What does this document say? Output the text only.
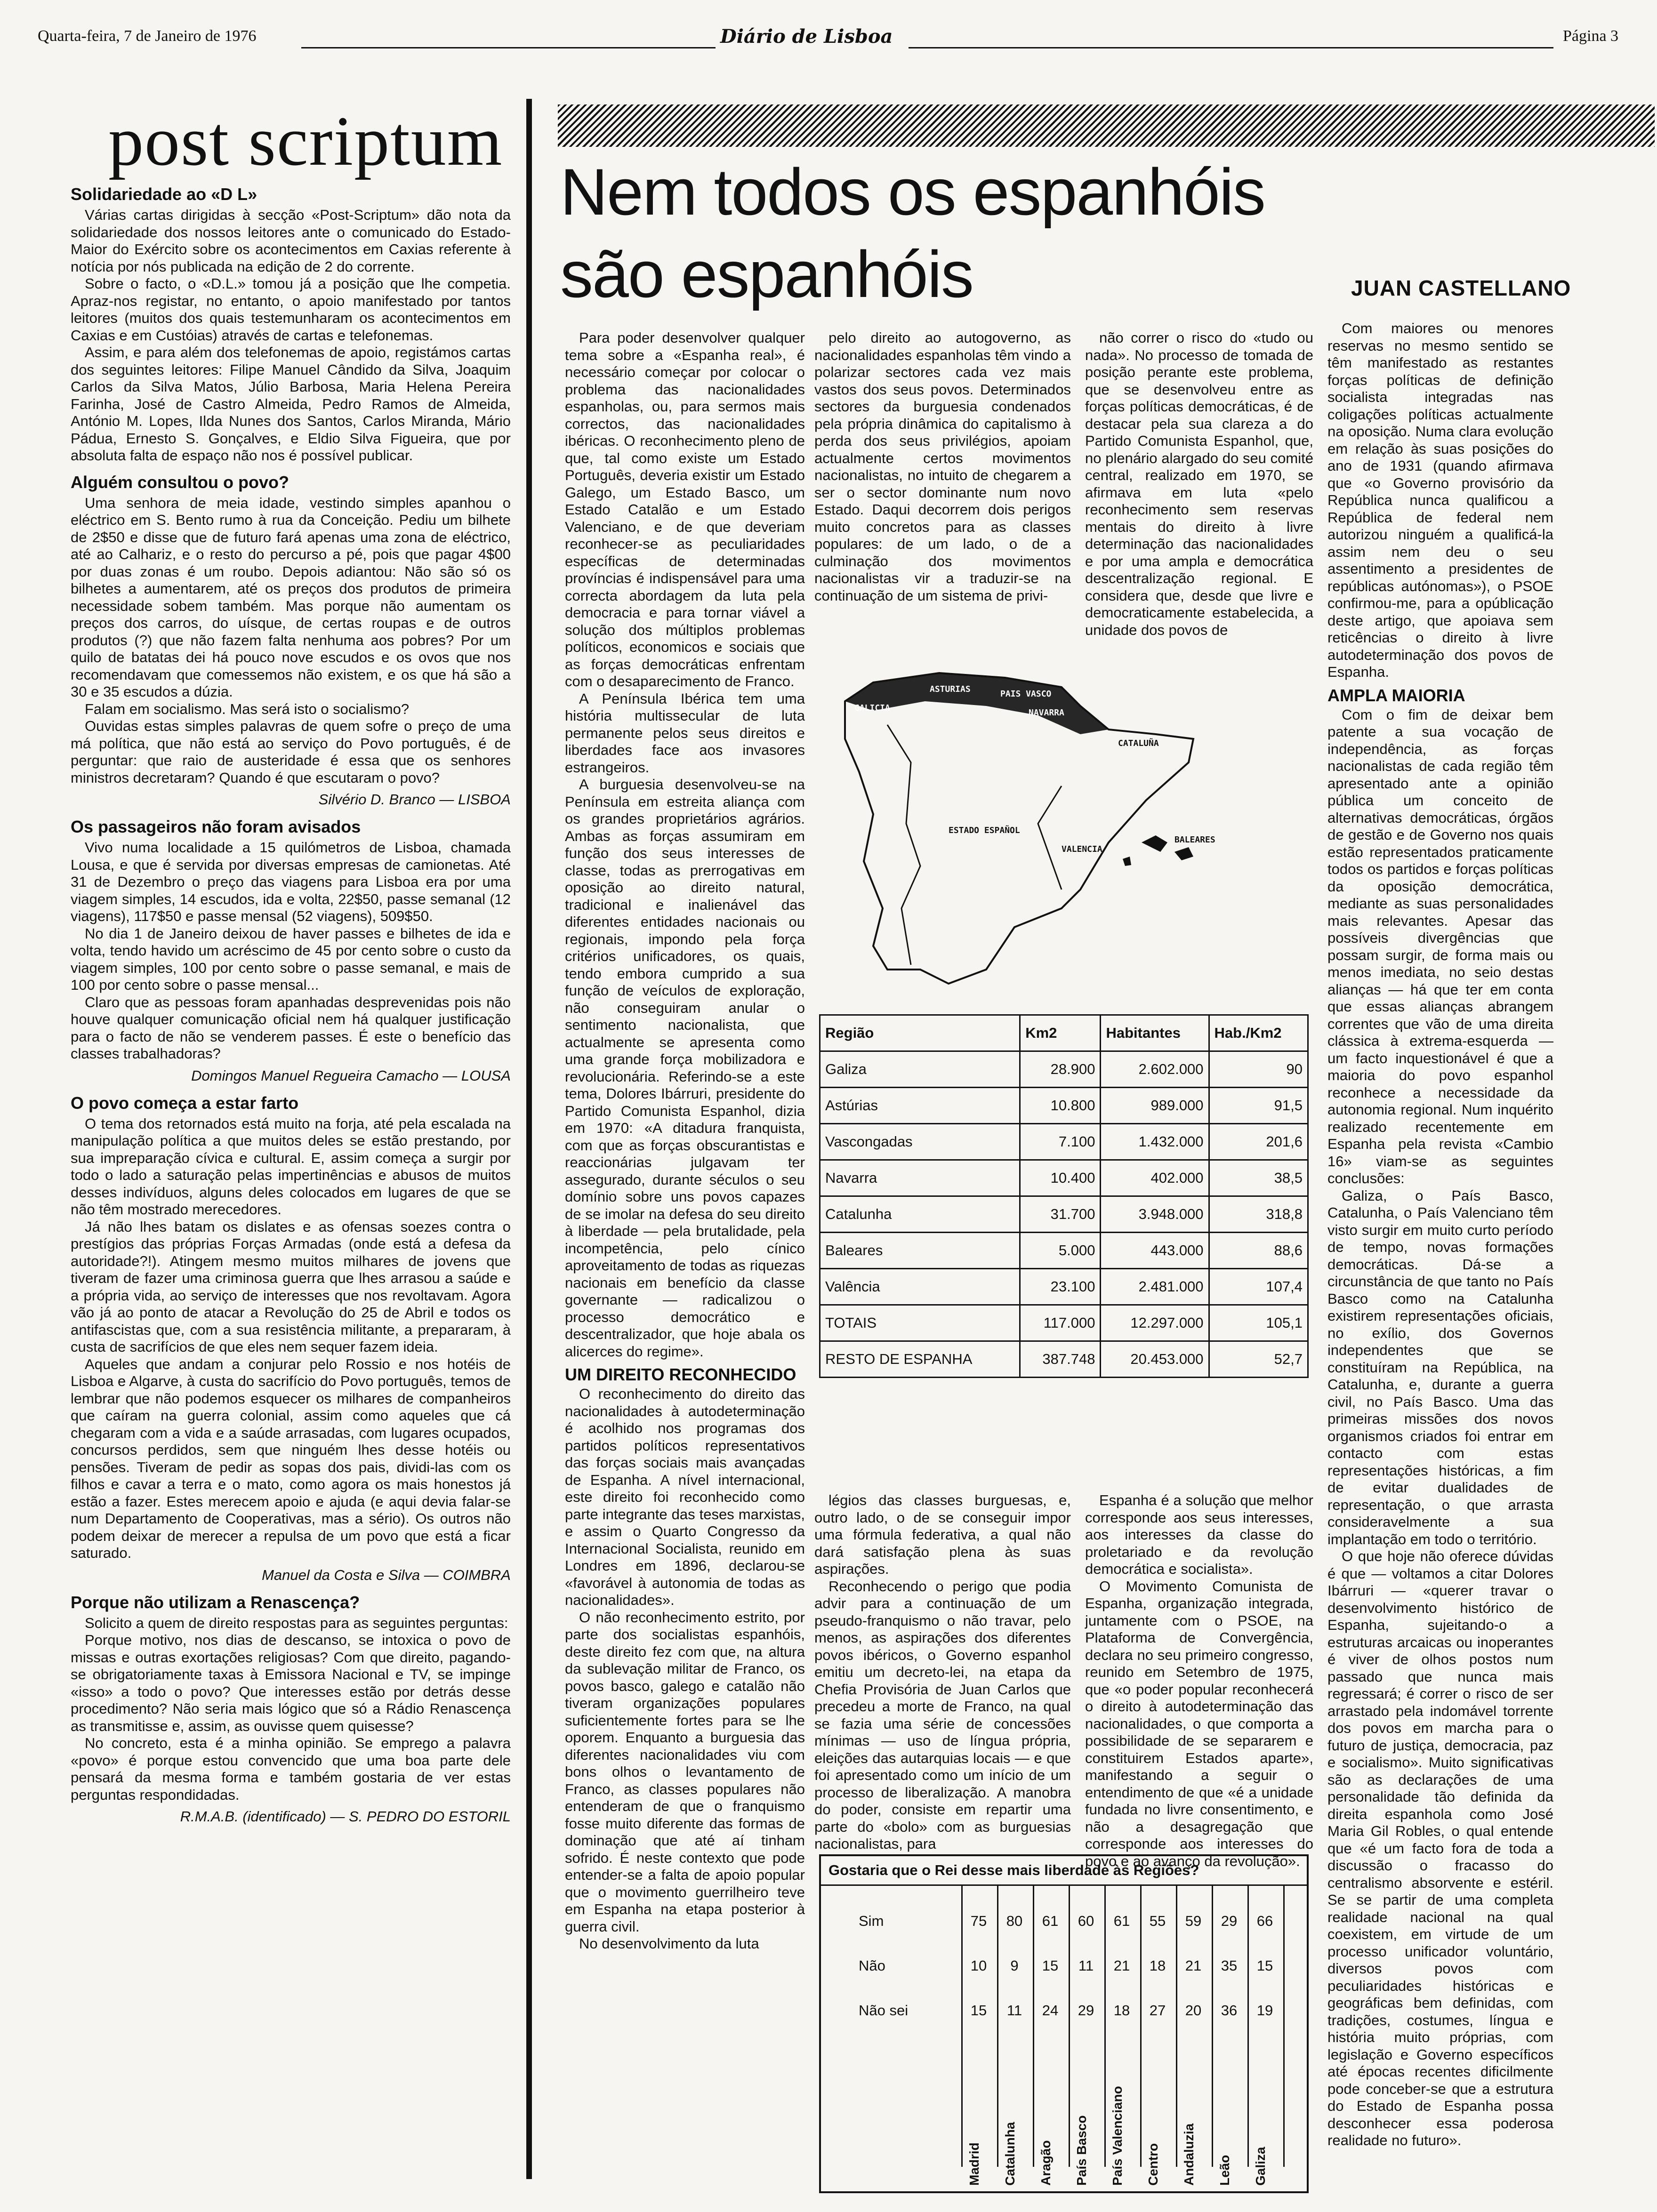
Quarta-feira, 7 de Janeiro de 1976	Diário de Lisboa	Página 3
post scriptum
Solidariedade ao «D L»

Várias cartas dirigidas à secção «Post-Scriptum» dão nota da solidariedade dos nossos leitores ante o comunicado do Estado-Maior do Exército sobre os acontecimentos em Caxias referente à notícia por nós publicada na edição de 2 do corrente.

Sobre o facto, o «D.L.» tomou já a posição que lhe competia. Apraz-nos registar, no entanto, o apoio manifestado por tantos leitores (muitos dos quais testemunharam os acontecimentos em Caxias e em Custóias) através de cartas e telefonemas.

Assim, e para além dos telefonemas de apoio, registámos cartas dos seguintes leitores: Filipe Manuel Cândido da Silva, Joaquim Carlos da Silva Matos, Júlio Barbosa, Maria Helena Pereira Farinha, José de Castro Almeida, Pedro Ramos de Almeida, António M. Lopes, Ilda Nunes dos Santos, Carlos Miranda, Mário Pádua, Ernesto S. Gonçalves, e Eldio Silva Figueira, que por absoluta falta de espaço não nos é possível publicar.

Alguém consultou o povo?

Uma senhora de meia idade, vestindo simples apanhou o eléctrico em S. Bento rumo à rua da Conceição. Pediu um bilhete de 2$50 e disse que de futuro fará apenas uma zona de eléctrico, até ao Calhariz, e o resto do percurso a pé, pois que pagar 4$00 por duas zonas é um roubo. Depois adiantou: Não são só os bilhetes a aumentarem, até os preços dos produtos de primeira necessidade sobem também. Mas porque não aumentam os preços dos carros, do uísque, de certas roupas e de outros produtos (?) que não fazem falta nenhuma aos pobres? Por um quilo de batatas dei há pouco nove escudos e os ovos que nos recomendavam que comessemos não existem, e os que há são a 30 e 35 escudos a dúzia.

Falam em socialismo. Mas será isto o socialismo?

Ouvidas estas simples palavras de quem sofre o preço de uma má política, que não está ao serviço do Povo português, é de perguntar: que raio de austeridade é essa que os senhores ministros decretaram? Quando é que escutaram o povo?

Silvério D. Branco — LISBOA
Os passageiros não foram avisados

Vivo numa localidade a 15 quilómetros de Lisboa, chamada Lousa, e que é servida por diversas empresas de camionetas. Até 31 de Dezembro o preço das viagens para Lisboa era por uma viagem simples, 14 escudos, ida e volta, 22$50, passe semanal (12 viagens), 117$50 e passe mensal (52 viagens), 509$50.

No dia 1 de Janeiro deixou de haver passes e bilhetes de ida e volta, tendo havido um acréscimo de 45 por cento sobre o custo da viagem simples, 100 por cento sobre o passe semanal, e mais de 100 por cento sobre o passe mensal...

Claro que as pessoas foram apanhadas desprevenidas pois não houve qualquer comunicação oficial nem há qualquer justificação para o facto de não se venderem passes. É este o benefício das classes trabalhadoras?

Domingos Manuel Regueira Camacho — LOUSA
O povo começa a estar farto

O tema dos retornados está muito na forja, até pela escalada na manipulação política a que muitos deles se estão prestando, por sua impreparação cívica e cultural. E, assim começa a surgir por todo o lado a saturação pelas impertinências e abusos de muitos desses indivíduos, alguns deles colocados em lugares de que se não têm mostrado merecedores.

Já não lhes batam os dislates e as ofensas soezes contra o prestígios das próprias Forças Armadas (onde está a defesa da autoridade?!). Atingem mesmo muitos milhares de jovens que tiveram de fazer uma criminosa guerra que lhes arrasou a saúde e a própria vida, ao serviço de interesses que nos revoltavam. Agora vão já ao ponto de atacar a Revolução do 25 de Abril e todos os antifascistas que, com a sua resistência militante, a prepararam, à custa de sacrifícios de que eles nem sequer fazem ideia.

Aqueles que andam a conjurar pelo Rossio e nos hotéis de Lisboa e Algarve, à custa do sacrifício do Povo português, temos de lembrar que não podemos esquecer os milhares de companheiros que caíram na guerra colonial, assim como aqueles que cá chegaram com a vida e a saúde arrasadas, com lugares ocupados, concursos perdidos, sem que ninguém lhes desse hotéis ou pensões. Tiveram de pedir as sopas dos pais, dividi-las com os filhos e cavar a terra e o mato, como agora os mais honestos já estão a fazer. Estes merecem apoio e ajuda (e aqui devia falar-se num Departamento de Cooperativas, mas a sério). Os outros não podem deixar de merecer a repulsa de um povo que está a ficar saturado.

Manuel da Costa e Silva — COIMBRA
Porque não utilizam a Renascença?

Solicito a quem de direito respostas para as seguintes perguntas:

Porque motivo, nos dias de descanso, se intoxica o povo de missas e outras exortações religiosas? Com que direito, pagando-se obrigatoriamente taxas à Emissora Nacional e TV, se impinge «isso» a todo o povo? Que interesses estão por detrás desse procedimento? Não seria mais lógico que só a Rádio Renascença as transmitisse e, assim, as ouvisse quem quisesse?

No concreto, esta é a minha opinião. Se emprego a palavra «povo» é porque estou convencido que uma boa parte dele pensará da mesma forma e também gostaria de ver estas perguntas respondidadas.

R.M.A.B. (identificado) — S. PEDRO DO ESTORIL
Nem todos os espanhóis são espanhóis	JUAN CASTELLANO

Para poder desenvolver qualquer tema sobre a «Espanha real», é necessário começar por colocar o problema das nacionalidades espanholas, ou, para sermos mais correctos, das nacionalidades ibéricas. O reconhecimento pleno de que, tal como existe um Estado Português, deveria existir um Estado Galego, um Estado Basco, um Estado Catalão e um Estado Valenciano, e de que deveriam reconhecer-se as peculiaridades específicas de determinadas províncias é indispensável para uma correcta abordagem da luta pela democracia e para tornar viável a solução dos múltiplos problemas políticos, economicos e sociais que as forças democráticas enfrentam com o desaparecimento de Franco.

A Península Ibérica tem uma história multissecular de luta permanente pelos seus direitos e liberdades face aos invasores estrangeiros.

A burguesia desenvolveu-se na Península em estreita aliança com os grandes proprietários agrários. Ambas as forças assumiram em função dos seus interesses de classe, todas as prerrogativas em oposição ao direito natural, tradicional e inalienável das diferentes entidades nacionais ou regionais, impondo pela força critérios unificadores, os quais, tendo embora cumprido a sua função de veículos de exploração, não conseguiram anular o sentimento nacionalista, que actualmente se apresenta como uma grande força mobilizadora e revolucionária. Referindo-se a este tema, Dolores Ibárruri, presidente do Partido Comunista Espanhol, dizia em 1970: «A ditadura franquista, com que as forças obscurantistas e reaccionárias julgavam ter assegurado, durante séculos o seu domínio sobre uns povos capazes de se imolar na defesa do seu direito à liberdade — pela brutalidade, pela incompetência, pelo cínico aproveitamento de todas as riquezas nacionais em benefício da classe governante — radicalizou o processo democrático e descentralizador, que hoje abala os alicerces do regime».

UM DIREITO RECONHECIDO

O reconhecimento do direito das nacionalidades à autodeterminação é acolhido nos programas dos partidos políticos representativos das forças sociais mais avançadas de Espanha. A nível internacional, este direito foi reconhecido como parte integrante das teses marxistas, e assim o Quarto Congresso da Internacional Socialista, reunido em Londres em 1896, declarou-se «favorável à autonomia de todas as nacionalidades».

O não reconhecimento estrito, por parte dos socialistas espanhóis, deste direito fez com que, na altura da sublevação militar de Franco, os povos basco, galego e catalão não tiveram organizações populares suficientemente fortes para se lhe oporem. Enquanto a burguesia das diferentes nacionalidades viu com bons olhos o levantamento de Franco, as classes populares não entenderam de que o franquismo fosse muito diferente das formas de dominação que até aí tinham sofrido. É neste contexto que pode entender-se a falta de apoio popular que o movimento guerrilheiro teve em Espanha na etapa posterior à guerra civil.

No desenvolvimento da luta

pelo direito ao autogoverno, as nacionalidades espanholas têm vindo a polarizar sectores cada vez mais vastos dos seus povos. Determinados sectores da burguesia condenados pela própria dinâmica do capitalismo à perda dos seus privilégios, apoiam actualmente certos movimentos nacionalistas, no intuito de chegarem a ser o sector dominante num novo Estado. Daqui decorrem dois perigos muito concretos para as classes populares: de um lado, o de a culminação dos movimentos nacionalistas vir a traduzir-se na continuação de um sistema de privi-

não correr o risco do «tudo ou nada». No processo de tomada de posição perante este problema, que se desenvolveu entre as forças políticas democráticas, é de destacar pela sua clareza a do Partido Comunista Espanhol, que, no plenário alargado do seu comité central, realizado em 1970, se afirmava em luta «pelo reconhecimento sem reservas mentais do direito à livre determinação das nacionalidades e por uma ampla e democrática descentralização regional. E considera que, desde que livre e democraticamente estabelecida, a unidade dos povos de

légios das classes burguesas, e, outro lado, o de se conseguir impor uma fórmula federativa, a qual não dará satisfação plena às suas aspirações.

Reconhecendo o perigo que podia advir para a continuação de um pseudo-franquismo o não travar, pelo menos, as aspirações dos diferentes povos ibéricos, o Governo espanhol emitiu um decreto-lei, na etapa da Chefia Provisória de Juan Carlos que precedeu a morte de Franco, na qual se fazia uma série de concessões mínimas — uso de língua própria, eleições das autarquias locais — e que foi apresentado como um início de um processo de liberalização. A manobra do poder, consiste em repartir uma parte do «bolo» com as burguesias nacionalistas, para

Espanha é a solução que melhor corresponde aos seus interesses, aos interesses da classe do proletariado e da revolução democrática e socialista».

O Movimento Comunista de Espanha, organização integrada, juntamente com o PSOE, na Plataforma de Convergência, declara no seu primeiro congresso, reunido em Setembro de 1975, que «o poder popular reconhecerá o direito à autodeterminação das nacionalidades, o que comporta a possibilidade de se separarem e constituirem Estados aparte», manifestando a seguir o entendimento de que «é a unidade fundada no livre consentimento, e não a desagregação que corresponde aos interesses do povo e ao avanço da revolução».

Com maiores ou menores reservas no mesmo sentido se têm manifestado as restantes forças políticas de definição socialista integradas nas coligações políticas actualmente na oposição. Numa clara evolução em relação às suas posições do ano de 1931 (quando afirmava que «o Governo provisório da República nunca qualificou a República de federal nem autorizou ninguém a qualificá-la assim nem deu o seu assentimento a presidentes de repúblicas autónomas»), o PSOE confirmou-me, para a opúblicação deste artigo, que apoiava sem reticências o direito à livre autodeterminação dos povos de Espanha.

AMPLA MAIORIA

Com o fim de deixar bem patente a sua vocação de independência, as forças nacionalistas de cada região têm apresentado ante a opinião pública um conceito de alternativas democráticas, órgãos de gestão e de Governo nos quais estão representados praticamente todos os partidos e forças políticas da oposição democrática, mediante as suas personalidades mais relevantes. Apesar das possíveis divergências que possam surgir, de forma mais ou menos imediata, no seio destas alianças — há que ter em conta que essas alianças abrangem correntes que vão de uma direita clássica à extrema-esquerda — um facto inquestionável é que a maioria do povo espanhol reconhece a necessidade da autonomia regional. Num inquérito realizado recentemente em Espanha pela revista «Cambio 16» viam-se as seguintes conclusões:

Galiza, o País Basco, Catalunha, o País Valenciano têm visto surgir em muito curto período de tempo, novas formações democráticas. Dá-se a circunstância de que tanto no País Basco como na Catalunha existirem representações oficiais, no exílio, dos Governos independentes que se constituíram na República, na Catalunha, e, durante a guerra civil, no País Basco. Uma das primeiras missões dos novos organismos criados foi entrar em contacto com estas representações históricas, a fim de evitar dualidades de representação, o que arrasta consideravelmente a sua implantação em todo o território.

O que hoje não oferece dúvidas é que — voltamos a citar Dolores Ibárruri — «querer travar o desenvolvimento histórico de Espanha, sujeitando-o a estruturas arcaicas ou inoperantes é viver de olhos postos num passado que nunca mais regressará; é correr o risco de ser arrastado pela indomável torrente dos povos em marcha para o futuro de justiça, democracia, paz e socialismo». Muito significativas são as declarações de uma personalidade tão definida da direita espanhola como José Maria Gil Robles, o qual entende que «é um facto fora de toda a discussão o fracasso do centralismo absorvente e estéril. Se se partir de uma completa realidade nacional na qual coexistem, em virtude de um processo unificador voluntário, diversos povos com peculiaridades históricas e geográficas bem definidas, com tradições, costumes, língua e história muito próprias, com legislação e Governo específicos até épocas recentes dificilmente pode conceber-se que a estrutura do Estado de Espanha possa desconhecer essa poderosa realidade no futuro».

GALICIA
ASTURIAS	PAIS VASCO
NAVARRA
CATALUÑA
ESTADO ESPAÑOL
VALENCIA
BALEARES
Região	Km2	Habitantes	Hab./Km2
Galiza	28.900	2.602.000	90
Astúrias	10.800	989.000	91,5
Vascongadas	7.100	1.432.000	201,6
Navarra	10.400	402.000	38,5
Catalunha	31.700	3.948.000	318,8
Baleares	5.000	443.000	88,6
Valência	23.100	2.481.000	107,4
TOTAIS	117.000	12.297.000	105,1
RESTO DE ESPANHA	387.748	20.453.000	52,7
Gostaria que o Rei desse mais liberdade às Regiões?
Sim	75 80 61 60 61 55 59 29 66
Não	10	9	15 11 21 18 21 35 15
Não sei	15 11 24 29 18 27 20 36 19
Madrid Catalunha Aragão País Basco País Valenciano Centro Andaluzia Leão Galiza
